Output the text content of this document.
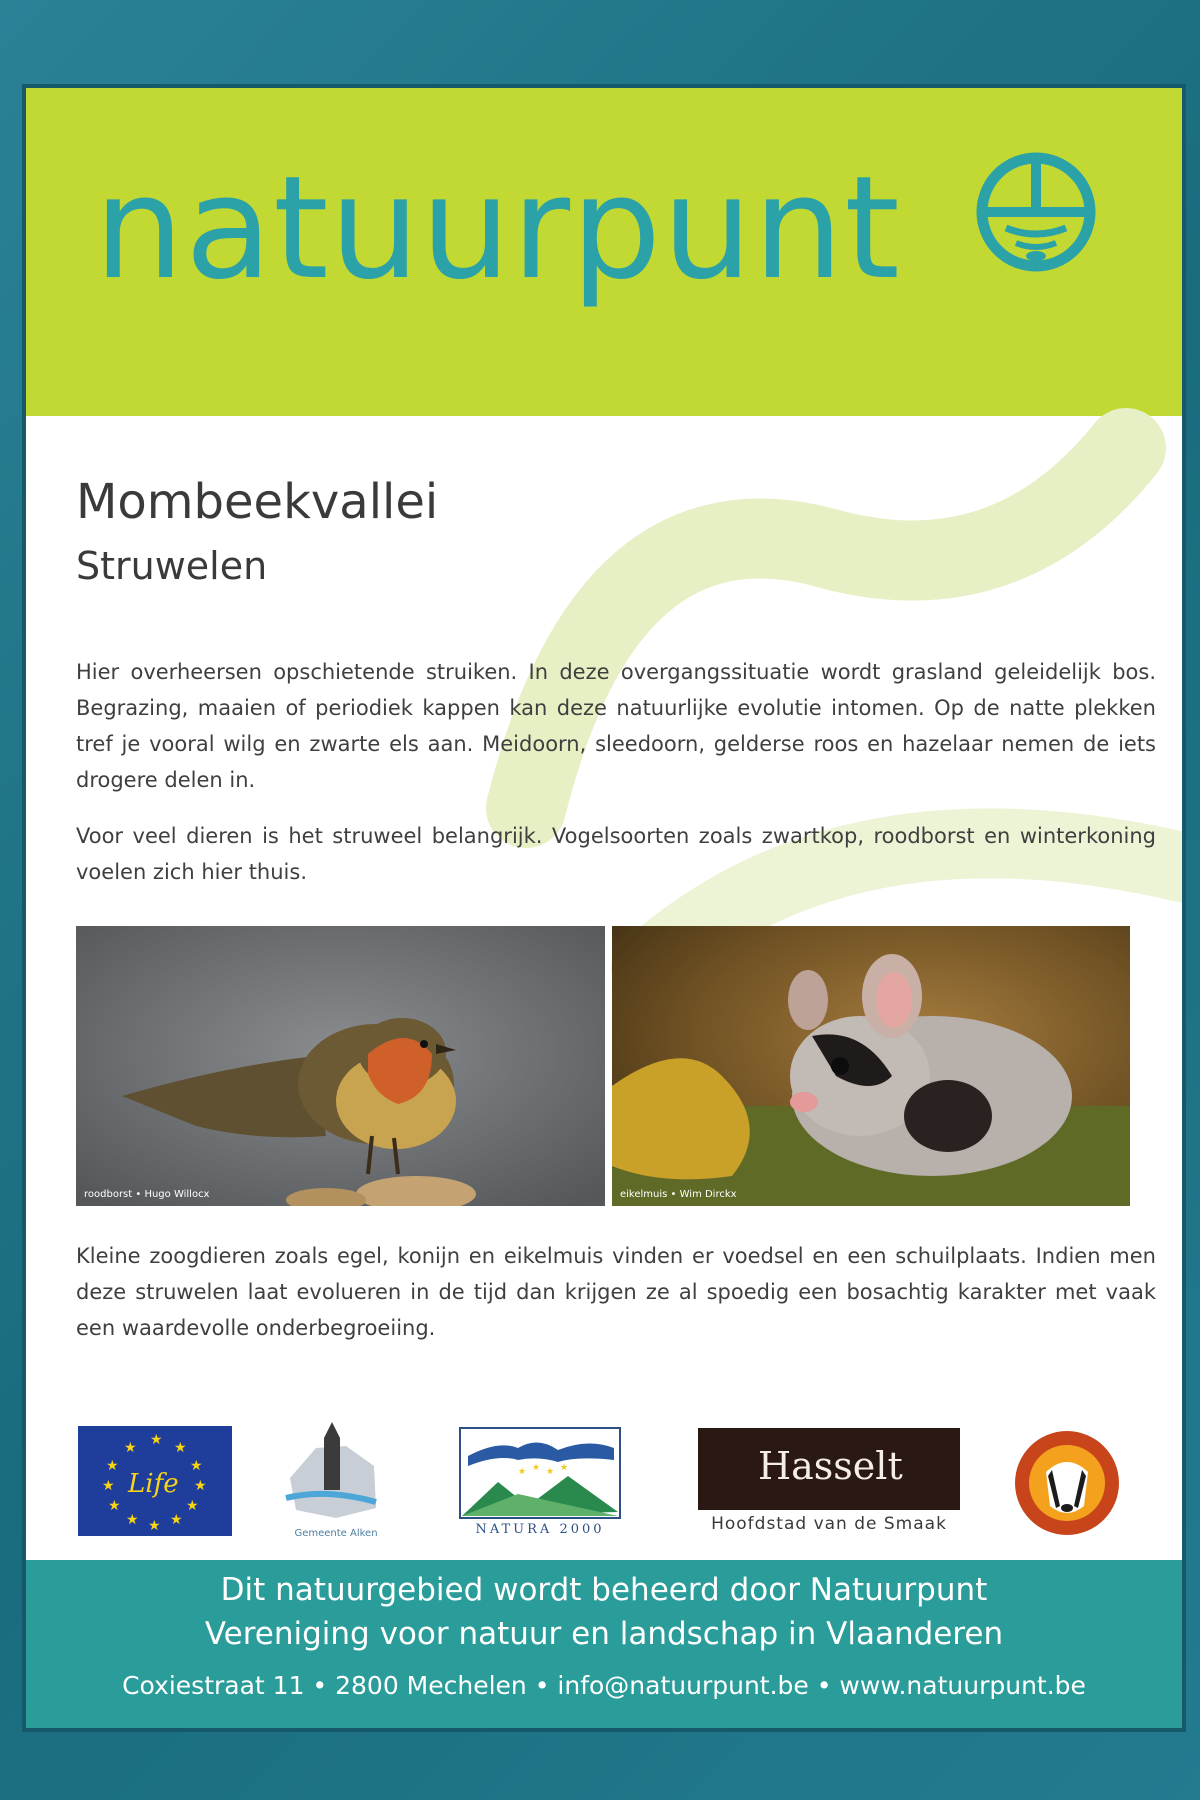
natuurpunt
Mombeekvallei
Struwelen
Hier overheersen opschietende struiken. In deze overgangssituatie wordt grasland geleidelijk bos. Begrazing, maaien of periodiek kappen kan deze natuurlijke evolutie intomen. Op de natte plekken tref je vooral wilg en zwarte els aan. Meidoorn, sleedoorn, gelderse roos en hazelaar nemen de iets drogere delen in.
Voor veel dieren is het struweel belangrijk. Vogelsoorten zoals zwartkop, roodborst en winterkoning voelen zich hier thuis.
roodborst • Hugo Willocx	eikelmuis • Wim Dirckx
Kleine zoogdieren zoals egel, konijn en eikelmuis vinden er voedsel en een schuilplaats. Indien men deze struwelen laat evolueren in de tijd dan krijgen ze al spoedig een bosachtig karakter met vaak een waardevolle onderbegroeiing.
★ ★
★
★
★
★
★
★
★
★
★
★
Life
Gemeente Alken
★ ★ ★ ★
NATURA 2000
Hasselt
Hoofdstad van de Smaak
Dit natuurgebied wordt beheerd door Natuurpunt
Vereniging voor natuur en landschap in Vlaanderen
Coxiestraat 11 • 2800 Mechelen • info@natuurpunt.be • www.natuurpunt.be
